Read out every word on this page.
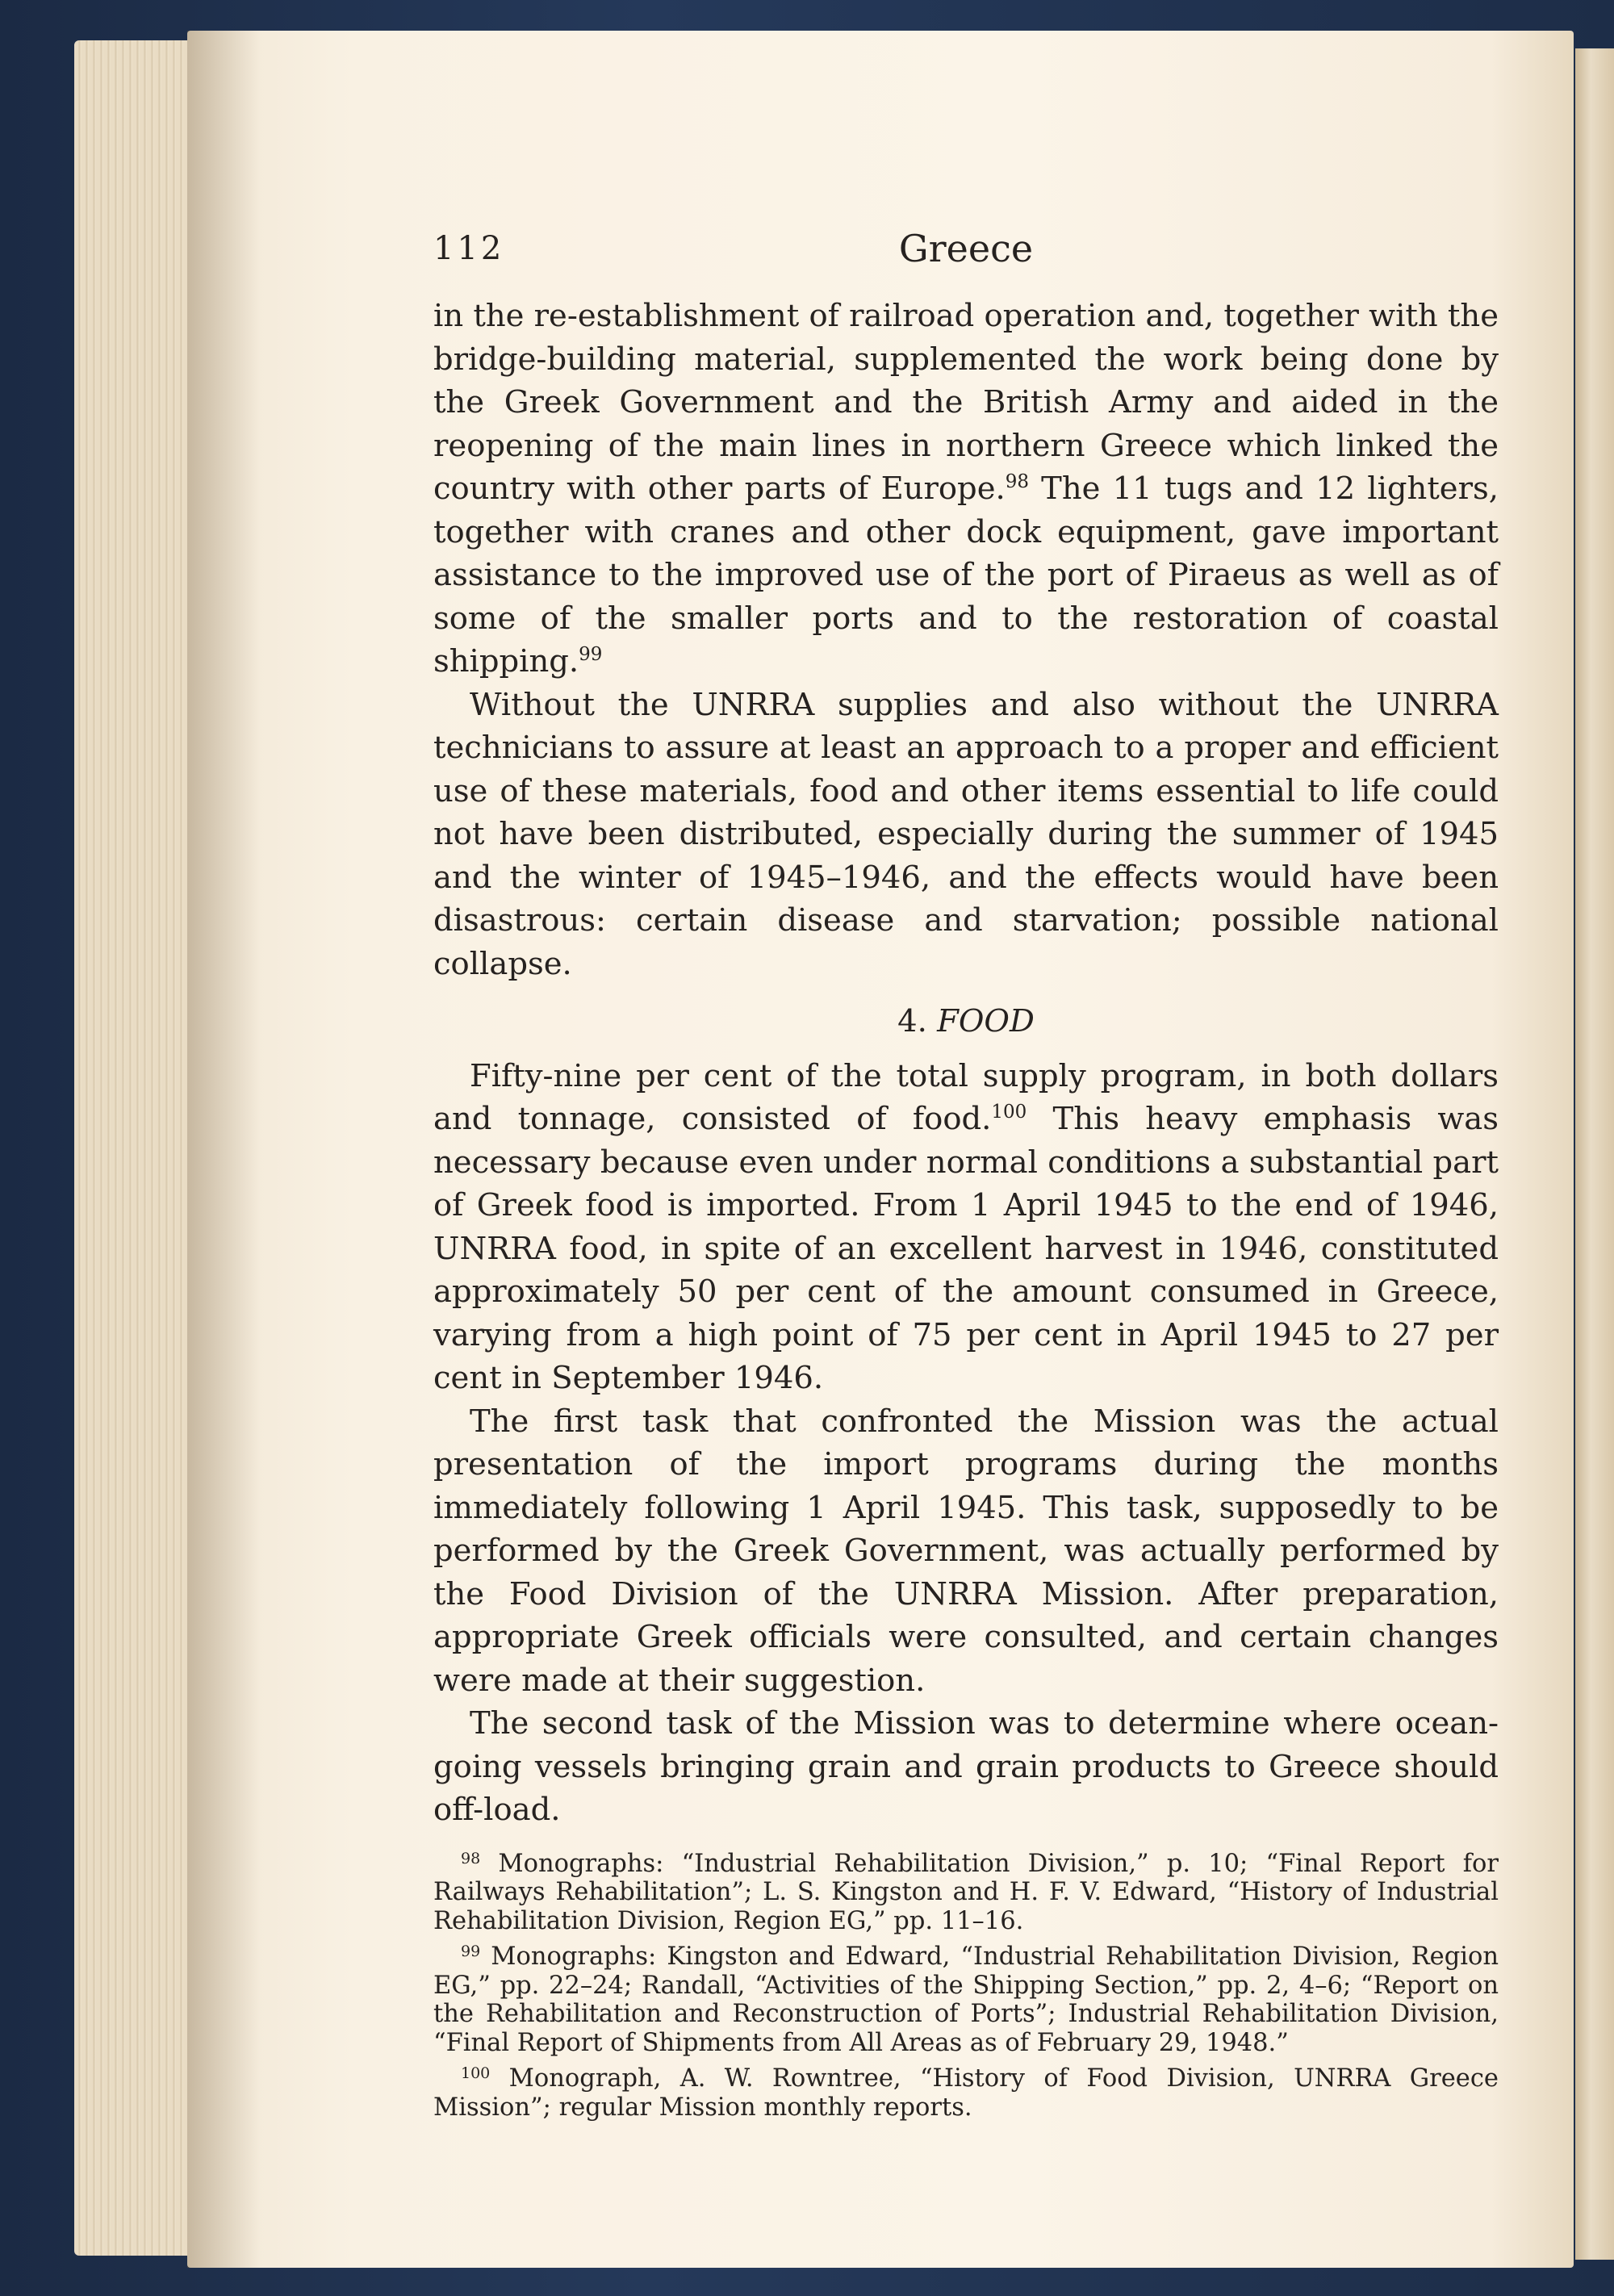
112	Greece

in the re-establishment of railroad operation and, together with the bridge-building material, supplemented the work being done by the Greek Government and the British Army and aided in the reopening of the main lines in northern Greece which linked the country with other parts of Europe.$^{98}$ The 11 tugs and 12 lighters, together with cranes and other dock equipment, gave important assistance to the improved use of the port of Piraeus as well as of some of the smaller ports and to the restoration of coastal shipping.$^{99}$

Without the UNRRA supplies and also without the UNRRA technicians to assure at least an approach to a proper and efficient use of these materials, food and other items essential to life could not have been distributed, especially during the summer of 1945 and the winter of 1945–1946, and the effects would have been disastrous: certain disease and starvation; possible national collapse.

4. FOOD

Fifty-nine per cent of the total supply program, in both dollars and tonnage, consisted of food.$^{100}$ This heavy emphasis was necessary because even under normal conditions a substantial part of Greek food is imported. From 1 April 1945 to the end of 1946, UNRRA food, in spite of an excellent harvest in 1946, constituted approximately 50 per cent of the amount consumed in Greece, varying from a high point of 75 per cent in April 1945 to 27 per cent in September 1946.

The first task that confronted the Mission was the actual presentation of the import programs during the months immediately following 1 April 1945. This task, supposedly to be performed by the Greek Government, was actually performed by the Food Division of the UNRRA Mission. After preparation, appropriate Greek officials were consulted, and certain changes were made at their suggestion.

The second task of the Mission was to determine where ocean-going vessels bringing grain and grain products to Greece should off-load.

$^{98}$ Monographs: “Industrial Rehabilitation Division,” p. 10; “Final Report for Railways Rehabilitation”; L. S. Kingston and H. F. V. Edward, “History of Industrial Rehabilitation Division, Region EG,” pp. 11–16.

$^{99}$ Monographs: Kingston and Edward, “Industrial Rehabilitation Division, Region EG,” pp. 22–24; Randall, “Activities of the Shipping Section,” pp. 2, 4–6; “Report on the Rehabilitation and Reconstruction of Ports”; Industrial Rehabilitation Division, “Final Report of Shipments from All Areas as of February 29, 1948.”

$^{100}$ Monograph, A. W. Rowntree, “History of Food Division, UNRRA Greece Mission”; regular Mission monthly reports.
